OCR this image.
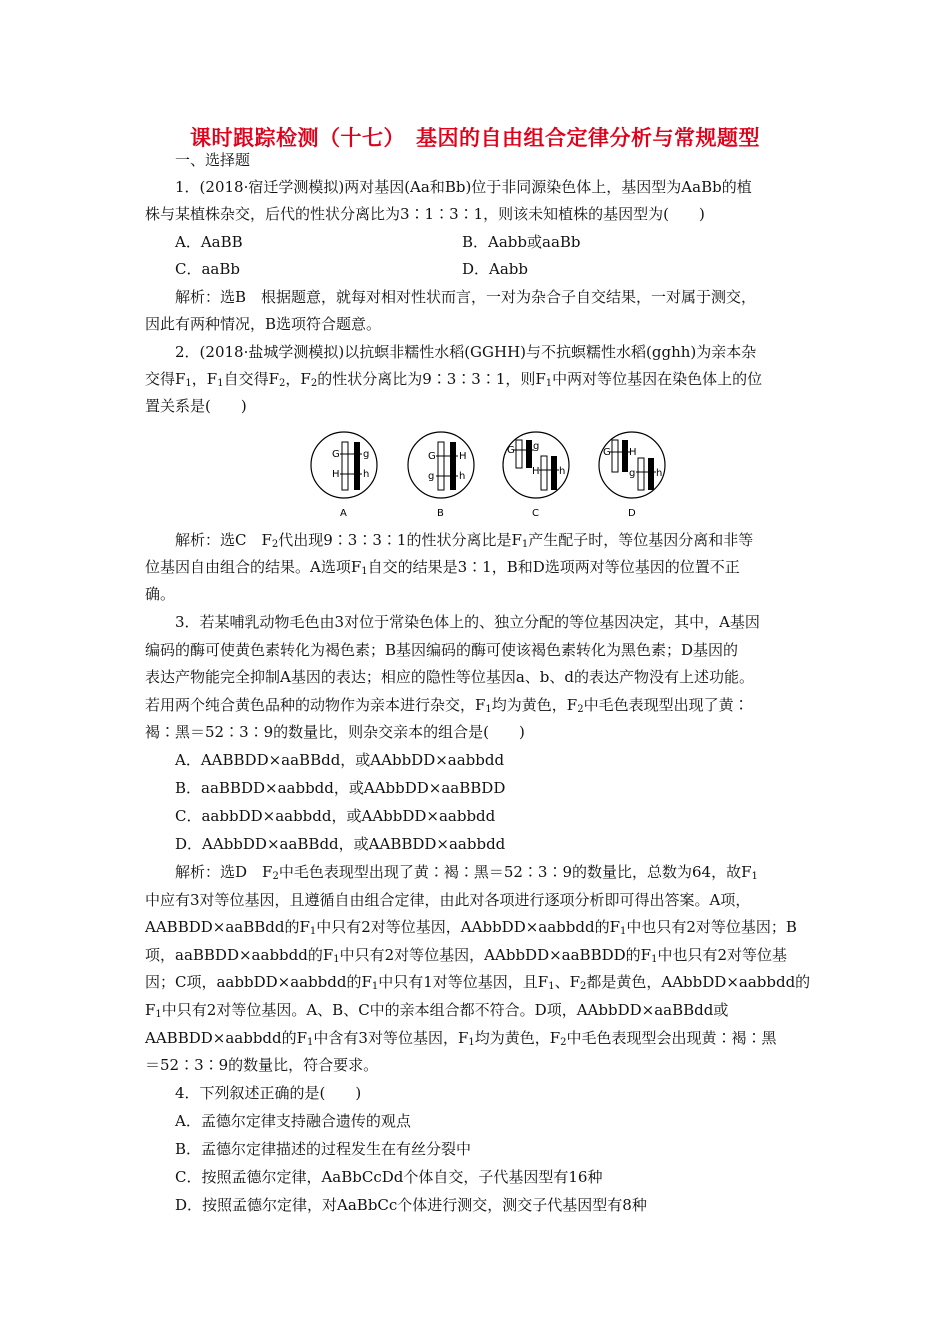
课时跟踪检测（十七）　基因的自由组合定律分析与常规题型
一、选择题
1．(2018·宿迁学测模拟)两对基因(Aa和Bb)位于非同源染色体上，基因型为AaBb的植
株与某植株杂交，后代的性状分离比为3∶1∶3∶1，则该未知植株的基因型为(　　)
A．AaBB	B．Aabb或aaBb
C．aaBb	D．Aabb
解析：选B　根据题意，就每对相对性状而言，一对为杂合子自交结果，一对属于测交，
因此有两种情况，B选项符合题意。
2．(2018·盐城学测模拟)以抗螟非糯性水稻(GGHH)与不抗螟糯性水稻(gghh)为亲本杂
交得$F_1$，$F_1$自交得$F_2$，$F_2$的性状分离比为9∶3∶3∶1，则$F_1$中两对等位基因在染色体上的位
置关系是(　　)
G
H
g
h
A
G
g
H
h
B
G g
H h
C
G H
g h
D
解析：选C　$F_2$代出现9∶3∶3∶1的性状分离比是$F_1$产生配子时，等位基因分离和非等
位基因自由组合的结果。A选项$F_1$自交的结果是3∶1，B和D选项两对等位基因的位置不正
确。
3．若某哺乳动物毛色由3对位于常染色体上的、独立分配的等位基因决定，其中，A基因
编码的酶可使黄色素转化为褐色素；B基因编码的酶可使该褐色素转化为黑色素；D基因的
表达产物能完全抑制A基因的表达；相应的隐性等位基因a、b、d的表达产物没有上述功能。
若用两个纯合黄色品种的动物作为亲本进行杂交，$F_1$均为黄色，$F_2$中毛色表现型出现了黄∶
褐∶黑＝52∶3∶9的数量比，则杂交亲本的组合是(　　)
A．AABBDD×aaBBdd，或AAbbDD×aabbdd
B．aaBBDD×aabbdd，或AAbbDD×aaBBDD
C．aabbDD×aabbdd，或AAbbDD×aabbdd
D．AAbbDD×aaBBdd，或AABBDD×aabbdd
解析：选D　$F_2$中毛色表现型出现了黄∶褐∶黑＝52∶3∶9的数量比，总数为64，故$F_1$
中应有3对等位基因，且遵循自由组合定律，由此对各项进行逐项分析即可得出答案。A项，
AABBDD×aaBBdd的$F_1$中只有2对等位基因，AAbbDD×aabbdd的$F_1$中也只有2对等位基因；B
项，aaBBDD×aabbdd的$F_1$中只有2对等位基因，AAbbDD×aaBBDD的$F_1$中也只有2对等位基
因；C项，aabbDD×aabbdd的$F_1$中只有1对等位基因，且$F_1$、$F_2$都是黄色，AAbbDD×aabbdd的
$F_1$中只有2对等位基因。A、B、C中的亲本组合都不符合。D项，AAbbDD×aaBBdd或
AABBDD×aabbdd的$F_1$中含有3对等位基因，$F_1$均为黄色，$F_2$中毛色表现型会出现黄∶褐∶黑
＝52∶3∶9的数量比，符合要求。
4．下列叙述正确的是(　　)
A．孟德尔定律支持融合遗传的观点
B．孟德尔定律描述的过程发生在有丝分裂中
C．按照孟德尔定律，AaBbCcDd个体自交，子代基因型有16种
D．按照孟德尔定律，对AaBbCc个体进行测交，测交子代基因型有8种
